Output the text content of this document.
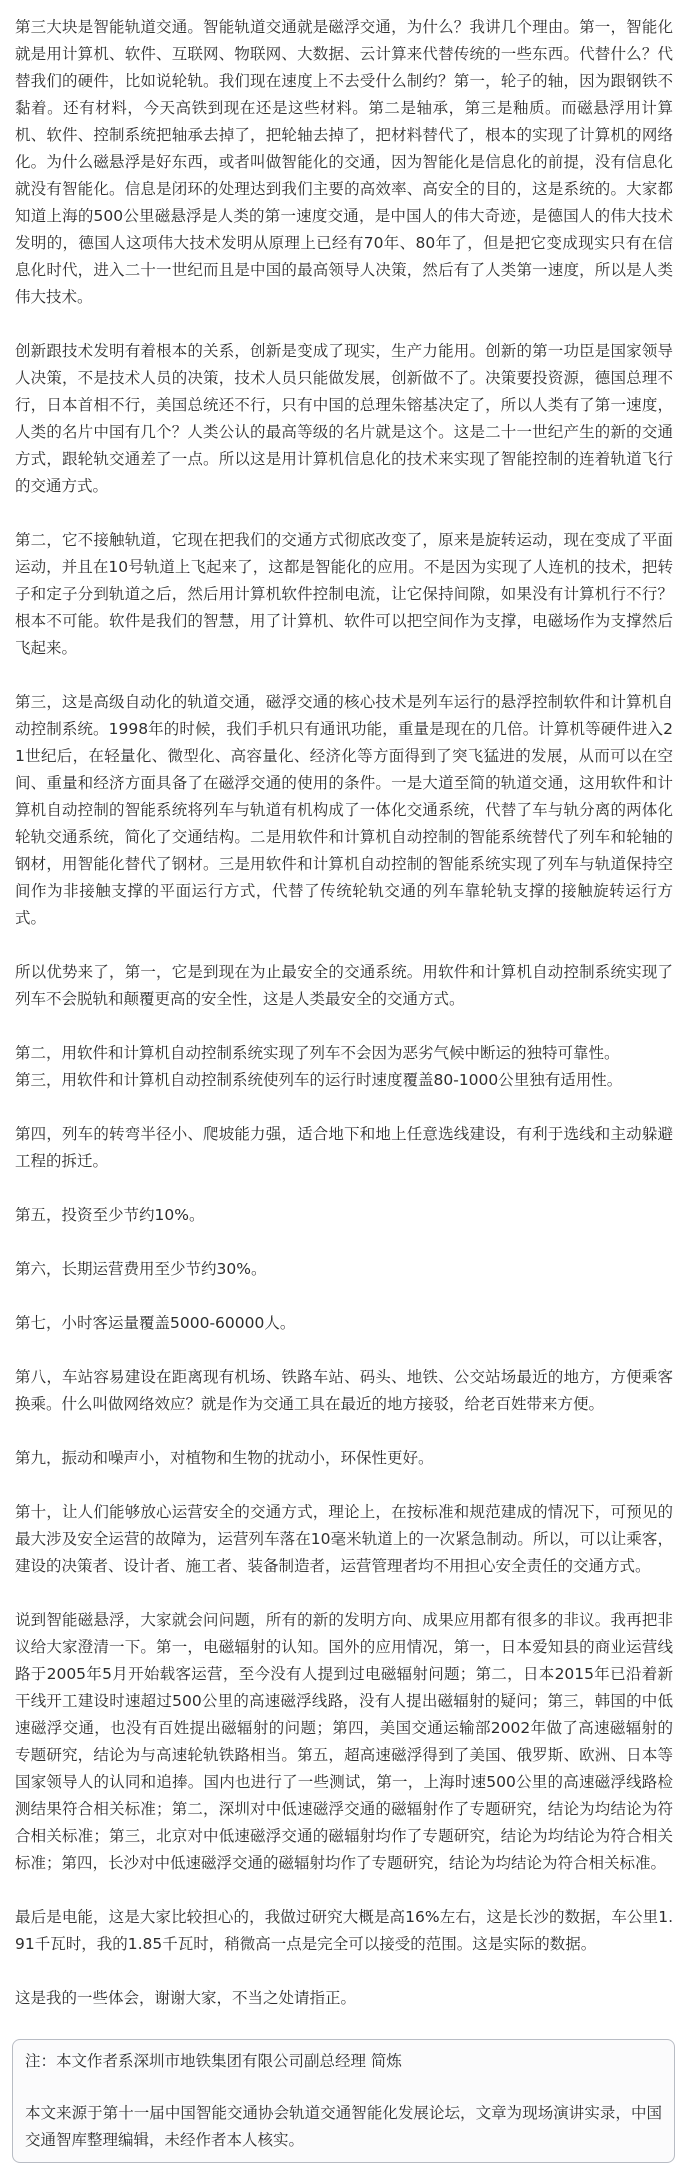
第三大块是智能轨道交通。智能轨道交通就是磁浮交通，为什么？我讲几个理由。第一，智能化就是用计算机、软件、互联网、物联网、大数据、云计算来代替传统的一些东西。代替什么？代替我们的硬件，比如说轮轨。我们现在速度上不去受什么制约？第一，轮子的轴，因为跟钢铁不黏着。还有材料，今天高铁到现在还是这些材料。第二是轴承，第三是釉质。而磁悬浮用计算机、软件、控制系统把轴承去掉了，把轮轴去掉了，把材料替代了，根本的实现了计算机的网络化。为什么磁悬浮是好东西，或者叫做智能化的交通，因为智能化是信息化的前提，没有信息化就没有智能化。信息是闭环的处理达到我们主要的高效率、高安全的目的，这是系统的。大家都知道上海的500公里磁悬浮是人类的第一速度交通，是中国人的伟大奇迹，是德国人的伟大技术发明的，德国人这项伟大技术发明从原理上已经有70年、80年了，但是把它变成现实只有在信息化时代，进入二十一世纪而且是中国的最高领导人决策，然后有了人类第一速度，所以是人类伟大技术。

创新跟技术发明有着根本的关系，创新是变成了现实，生产力能用。创新的第一功臣是国家领导人决策，不是技术人员的决策，技术人员只能做发展，创新做不了。决策要投资源，德国总理不行，日本首相不行，美国总统还不行，只有中国的总理朱镕基决定了，所以人类有了第一速度，人类的名片中国有几个？人类公认的最高等级的名片就是这个。这是二十一世纪产生的新的交通方式，跟轮轨交通差了一点。所以这是用计算机信息化的技术来实现了智能控制的连着轨道飞行的交通方式。

第二，它不接触轨道，它现在把我们的交通方式彻底改变了，原来是旋转运动，现在变成了平面运动，并且在10号轨道上飞起来了，这都是智能化的应用。不是因为实现了人连机的技术，把转子和定子分到轨道之后，然后用计算机软件控制电流，让它保持间隙，如果没有计算机行不行？根本不可能。软件是我们的智慧，用了计算机、软件可以把空间作为支撑，电磁场作为支撑然后飞起来。

第三，这是高级自动化的轨道交通，磁浮交通的核心技术是列车运行的悬浮控制软件和计算机自动控制系统。1998年的时候，我们手机只有通讯功能，重量是现在的几倍。计算机等硬件进入21世纪后，在轻量化、微型化、高容量化、经济化等方面得到了突飞猛进的发展，从而可以在空间、重量和经济方面具备了在磁浮交通的使用的条件。一是大道至简的轨道交通，这用软件和计算机自动控制的智能系统将列车与轨道有机构成了一体化交通系统，代替了车与轨分离的两体化轮轨交通系统，简化了交通结构。二是用软件和计算机自动控制的智能系统替代了列车和轮轴的钢材，用智能化替代了钢材。三是用软件和计算机自动控制的智能系统实现了列车与轨道保持空间作为非接触支撑的平面运行方式，代替了传统轮轨交通的列车靠轮轨支撑的接触旋转运行方式。

所以优势来了，第一，它是到现在为止最安全的交通系统。用软件和计算机自动控制系统实现了列车不会脱轨和颠覆更高的安全性，这是人类最安全的交通方式。

第二，用软件和计算机自动控制系统实现了列车不会因为恶劣气候中断运的独特可靠性。

第三，用软件和计算机自动控制系统使列车的运行时速度覆盖80-1000公里独有适用性。

第四，列车的转弯半径小、爬坡能力强，适合地下和地上任意选线建设，有利于选线和主动躲避工程的拆迁。

第五，投资至少节约10%。

第六，长期运营费用至少节约30%。

第七，小时客运量覆盖5000-60000人。

第八，车站容易建设在距离现有机场、铁路车站、码头、地铁、公交站场最近的地方，方便乘客换乘。什么叫做网络效应？就是作为交通工具在最近的地方接驳，给老百姓带来方便。

第九，振动和噪声小，对植物和生物的扰动小，环保性更好。

第十，让人们能够放心运营安全的交通方式，理论上，在按标准和规范建成的情况下，可预见的最大涉及安全运营的故障为，运营列车落在10毫米轨道上的一次紧急制动。所以，可以让乘客，建设的决策者、设计者、施工者、装备制造者，运营管理者均不用担心安全责任的交通方式。

说到智能磁悬浮，大家就会问问题，所有的新的发明方向、成果应用都有很多的非议。我再把非议给大家澄清一下。第一，电磁辐射的认知。国外的应用情况，第一，日本爱知县的商业运营线路于2005年5月开始载客运营，至今没有人提到过电磁辐射问题；第二，日本2015年已沿着新干线开工建设时速超过500公里的高速磁浮线路，没有人提出磁辐射的疑问；第三，韩国的中低速磁浮交通，也没有百姓提出磁辐射的问题；第四，美国交通运输部2002年做了高速磁辐射的专题研究，结论为与高速轮轨铁路相当。第五，超高速磁浮得到了美国、俄罗斯、欧洲、日本等国家领导人的认同和追捧。国内也进行了一些测试，第一，上海时速500公里的高速磁浮线路检测结果符合相关标准；第二，深圳对中低速磁浮交通的磁辐射作了专题研究，结论为均结论为符合相关标准；第三，北京对中低速磁浮交通的磁辐射均作了专题研究，结论为均结论为符合相关标准；第四，长沙对中低速磁浮交通的磁辐射均作了专题研究，结论为均结论为符合相关标准。

最后是电能，这是大家比较担心的，我做过研究大概是高16%左右，这是长沙的数据，车公里1.91千瓦时，我的1.85千瓦时，稍微高一点是完全可以接受的范围。这是实际的数据。

这是我的一些体会，谢谢大家，不当之处请指正。

注：本文作者系深圳市地铁集团有限公司副总经理 简炼

本文来源于第十一届中国智能交通协会轨道交通智能化发展论坛，文章为现场演讲实录，中国交通智库整理编辑，未经作者本人核实。
